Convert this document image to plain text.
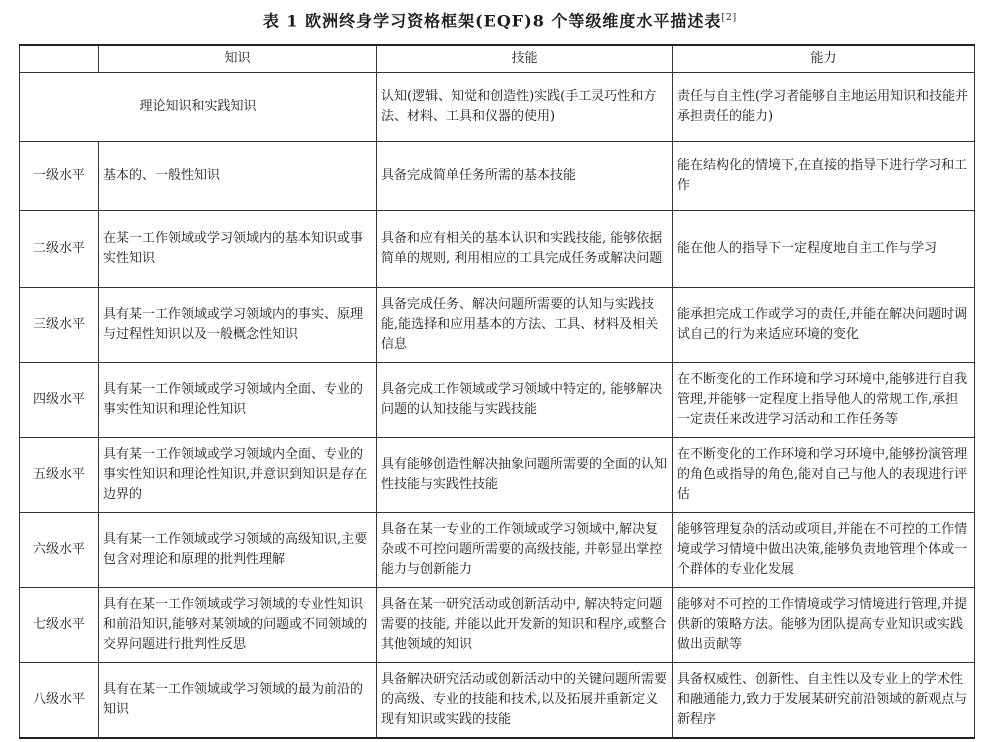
表 1 欧洲终身学习资格框架(EQF)8 个等级维度水平描述表[2]
	知识	技能	能力
理论知识和实践知识		认知(逻辑、知觉和创造性)实践(手工灵巧性和方法、材料、工具和仪器的使用)	责任与自主性(学习者能够自主地运用知识和技能并承担责任的能力)
一级水平	基本的、一般性知识	具备完成简单任务所需的基本技能	能在结构化的情境下,在直接的指导下进行学习和工作
二级水平	在某一工作领域或学习领域内的基本知识或事实性知识	具备和应有相关的基本认识和实践技能, 能够依据简单的规则, 利用相应的工具完成任务或解决问题	能在他人的指导下一定程度地自主工作与学习
三级水平	具有某一工作领域或学习领域内的事实、原理与过程性知识以及一般概念性知识	具备完成任务、解决问题所需要的认知与实践技能,能选择和应用基本的方法、工具、材料及相关信息	能承担完成工作或学习的责任,并能在解决问题时调试自己的行为来适应环境的变化
四级水平	具有某一工作领域或学习领域内全面、专业的事实性知识和理论性知识	具备完成工作领域或学习领域中特定的, 能够解决问题的认知技能与实践技能	在不断变化的工作环境和学习环境中,能够进行自我管理,并能够一定程度上指导他人的常规工作,承担一定责任来改进学习活动和工作任务等
五级水平	具有某一工作领域或学习领域内全面、专业的事实性知识和理论性知识,并意识到知识是存在边界的	具有能够创造性解决抽象问题所需要的全面的认知性技能与实践性技能	在不断变化的工作环境和学习环境中,能够扮演管理的角色或指导的角色,能对自己与他人的表现进行评估
六级水平	具有某一工作领域或学习领域的高级知识,主要包含对理论和原理的批判性理解	具备在某一专业的工作领域或学习领域中,解决复杂或不可控问题所需要的高级技能, 并彰显出掌控能力与创新能力	能够管理复杂的活动或项目,并能在不可控的工作情境或学习情境中做出决策,能够负责地管理个体或一个群体的专业化发展
七级水平	具有在某一工作领域或学习领域的专业性知识和前沿知识,能够对某领域的问题或不同领域的交界问题进行批判性反思	具备在某一研究活动或创新活动中, 解决特定问题需要的技能, 并能以此开发新的知识和程序,或整合其他领域的知识	能够对不可控的工作情境或学习情境进行管理,并提供新的策略方法。能够为团队提高专业知识或实践做出贡献等
八级水平	具有在某一工作领域或学习领域的最为前沿的知识	具备解决研究活动或创新活动中的关键问题所需要的高级、专业的技能和技术,以及拓展并重新定义现有知识或实践的技能	具备权威性、创新性、自主性以及专业上的学术性和融通能力,致力于发展某研究前沿领域的新观点与新程序
